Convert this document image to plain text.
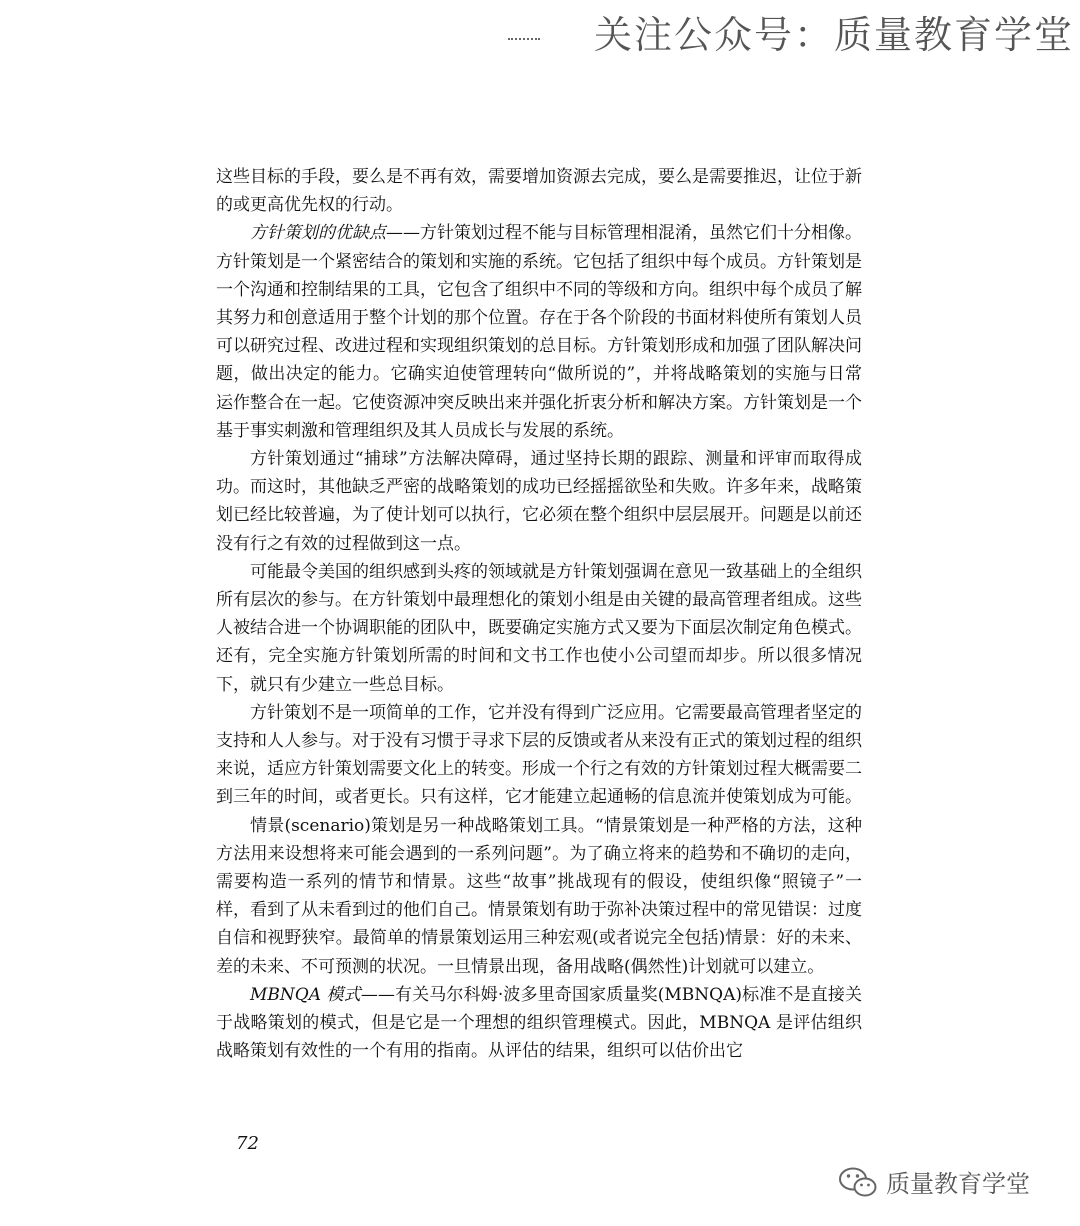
关注公众号：质量教育学堂

这些目标的手段，要么是不再有效，需要增加资源去完成，要么是需要推迟，让位于新的或更高优先权的行动。

方针策划的优缺点——方针策划过程不能与目标管理相混淆，虽然它们十分相像。方针策划是一个紧密结合的策划和实施的系统。它包括了组织中每个成员。方针策划是一个沟通和控制结果的工具，它包含了组织中不同的等级和方向。组织中每个成员了解其努力和创意适用于整个计划的那个位置。存在于各个阶段的书面材料使所有策划人员可以研究过程、改进过程和实现组织策划的总目标。方针策划形成和加强了团队解决问题，做出决定的能力。它确实迫使管理转向“做所说的”，并将战略策划的实施与日常运作整合在一起。它使资源冲突反映出来并强化折衷分析和解决方案。方针策划是一个基于事实刺激和管理组织及其人员成长与发展的系统。

方针策划通过“捕球”方法解决障碍，通过坚持长期的跟踪、测量和评审而取得成功。而这时，其他缺乏严密的战略策划的成功已经摇摇欲坠和失败。许多年来，战略策划已经比较普遍，为了使计划可以执行，它必须在整个组织中层层展开。问题是以前还没有行之有效的过程做到这一点。

可能最令美国的组织感到头疼的领域就是方针策划强调在意见一致基础上的全组织所有层次的参与。在方针策划中最理想化的策划小组是由关键的最高管理者组成。这些人被结合进一个协调职能的团队中，既要确定实施方式又要为下面层次制定角色模式。还有，完全实施方针策划所需的时间和文书工作也使小公司望而却步。所以很多情况下，就只有少建立一些总目标。

方针策划不是一项简单的工作，它并没有得到广泛应用。它需要最高管理者坚定的支持和人人参与。对于没有习惯于寻求下层的反馈或者从来没有正式的策划过程的组织来说，适应方针策划需要文化上的转变。形成一个行之有效的方针策划过程大概需要二到三年的时间，或者更长。只有这样，它才能建立起通畅的信息流并使策划成为可能。

情景(scenario)策划是另一种战略策划工具。“情景策划是一种严格的方法，这种方法用来设想将来可能会遇到的一系列问题”。为了确立将来的趋势和不确切的走向，需要构造一系列的情节和情景。这些“故事”挑战现有的假设，使组织像“照镜子”一样，看到了从未看到过的他们自己。情景策划有助于弥补决策过程中的常见错误：过度自信和视野狭窄。最简单的情景策划运用三种宏观(或者说完全包括)情景：好的未来、差的未来、不可预测的状况。一旦情景出现，备用战略(偶然性)计划就可以建立。

MBNQA 模式——有关马尔科姆·波多里奇国家质量奖(MBNQA)标准不是直接关于战略策划的模式，但是它是一个理想的组织管理模式。因此，MBNQA 是评估组织战略策划有效性的一个有用的指南。从评估的结果，组织可以估价出它

72
质量教育学堂
